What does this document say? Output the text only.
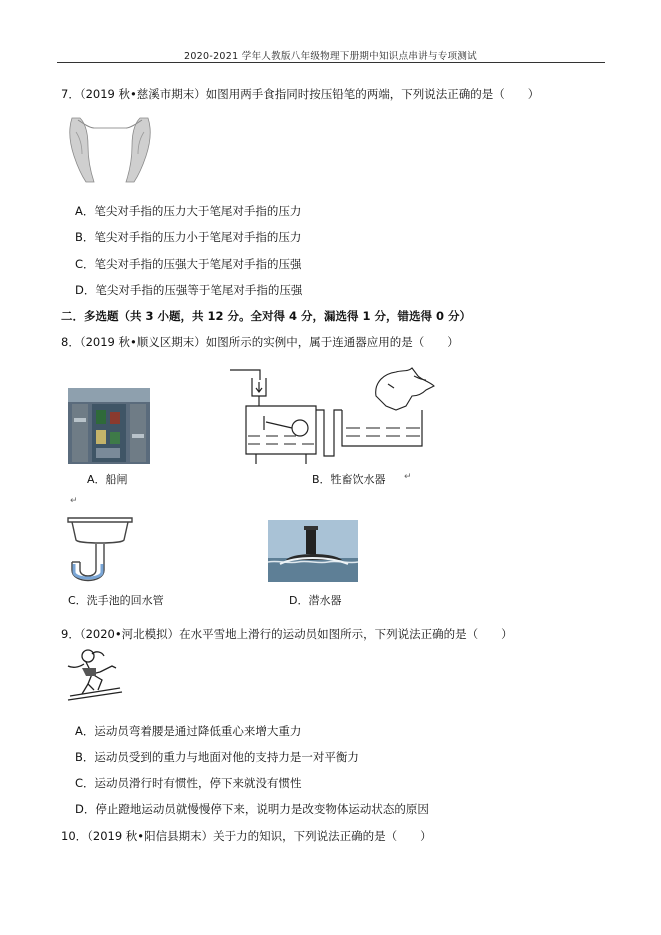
2020-2021 学年人教版八年级物理下册期中知识点串讲与专项测试
7．（2019 秋•慈溪市期末）如图用两手食指同时按压铅笔的两端，下列说法正确的是（　　）
A．笔尖对手指的压力大于笔尾对手指的压力
B．笔尖对手指的压力小于笔尾对手指的压力
C．笔尖对手指的压强大于笔尾对手指的压强
D．笔尖对手指的压强等于笔尾对手指的压强
二．多选题（共 3 小题，共 12 分。全对得 4 分，漏选得 1 分，错选得 0 分）
8．（2019 秋•顺义区期末）如图所示的实例中，属于连通器应用的是（　　）
A．船闸	B．牲畜饮水器 ↵
↵
C．洗手池的回水管	D．潜水器
9．（2020•河北模拟）在水平雪地上滑行的运动员如图所示，下列说法正确的是（　　）
A．运动员弯着腰是通过降低重心来增大重力
B．运动员受到的重力与地面对他的支持力是一对平衡力
C．运动员滑行时有惯性，停下来就没有惯性
D．停止蹬地运动员就慢慢停下来，说明力是改变物体运动状态的原因
10．（2019 秋•阳信县期末）关于力的知识，下列说法正确的是（　　）
